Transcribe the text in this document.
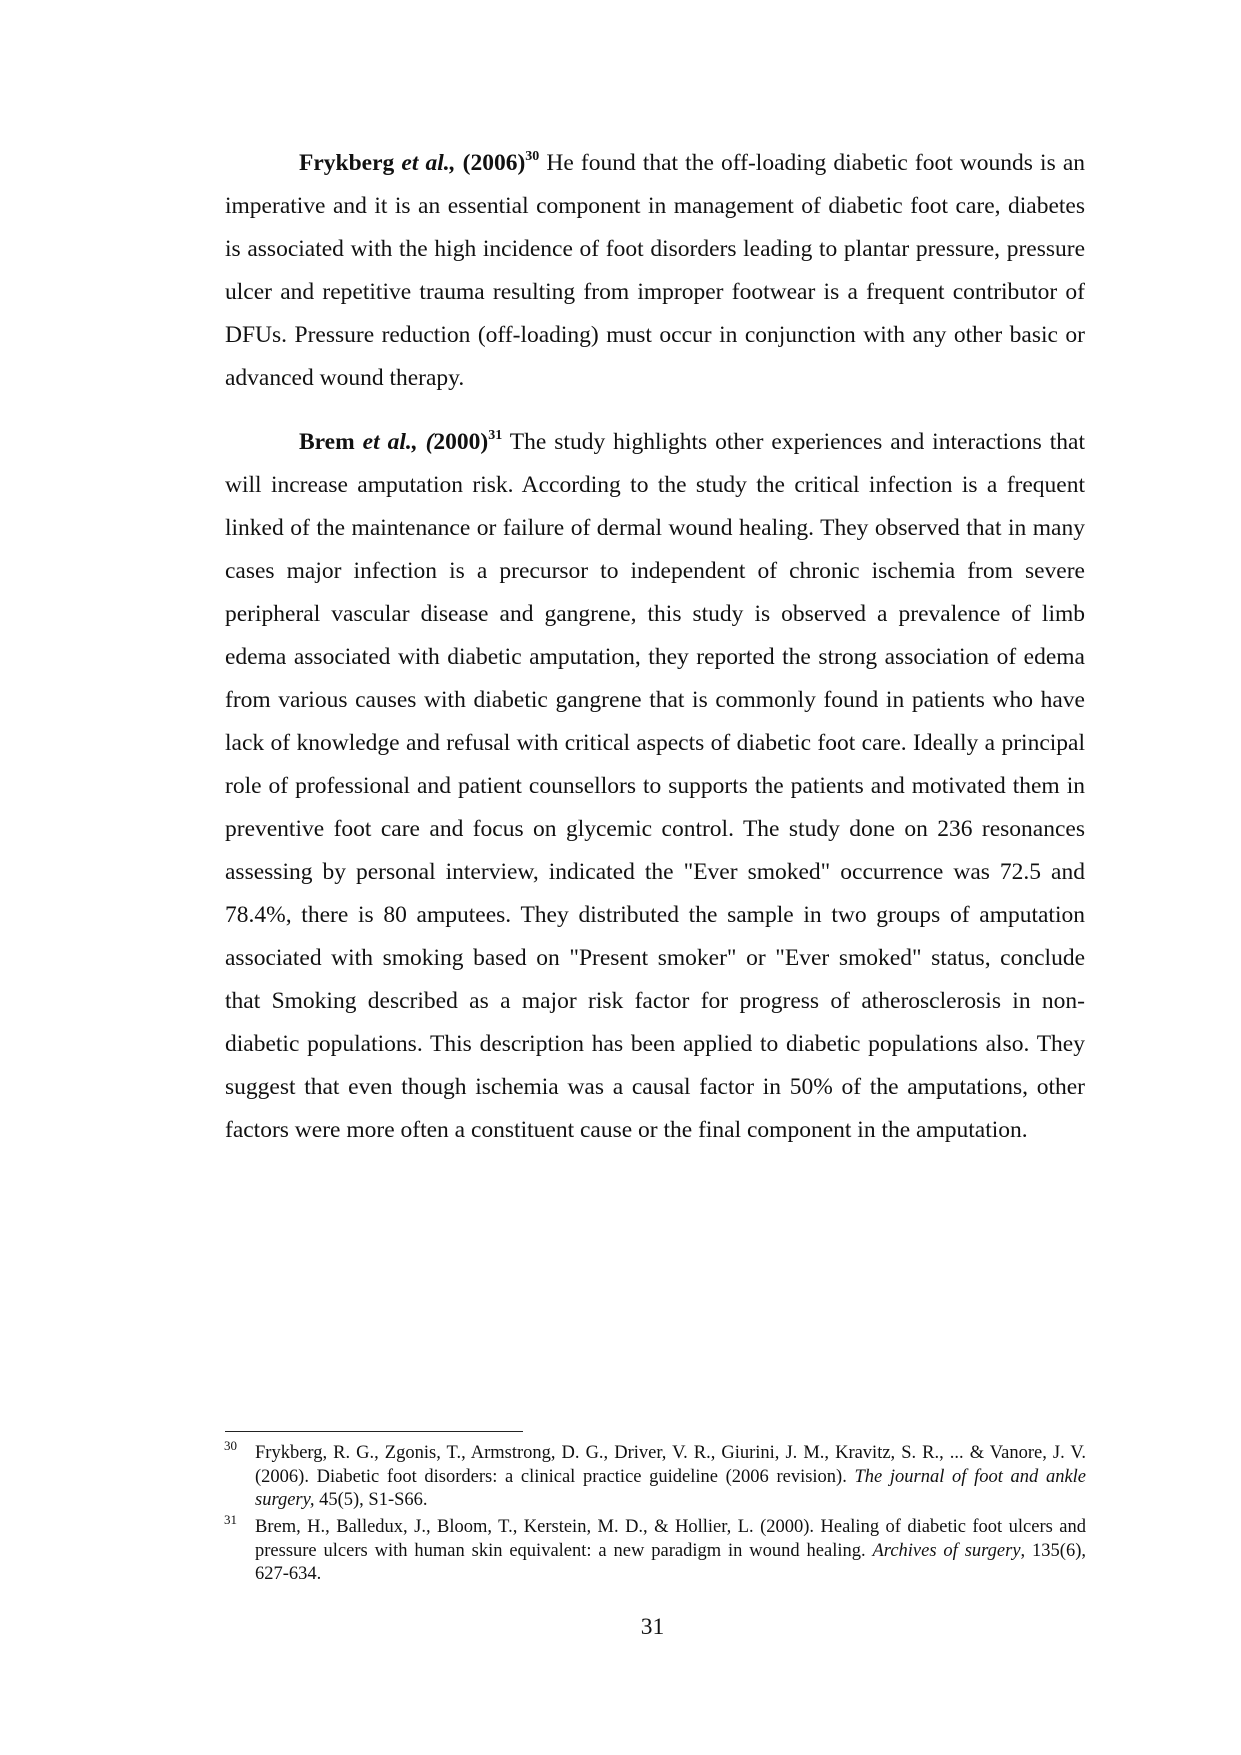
Frykberg et al., (2006)$^{30}$ He found that the off-loading diabetic foot wounds is an imperative and it is an essential component in management of diabetic foot care, diabetes is associated with the high incidence of foot disorders leading to plantar pressure, pressure ulcer and repetitive trauma resulting from improper footwear is a frequent contributor of DFUs. Pressure reduction (off-loading) must occur in conjunction with any other basic or advanced wound therapy.

Brem et al., (2000)$^{31}$ The study highlights other experiences and interactions that will increase amputation risk. According to the study the critical infection is a frequent linked of the maintenance or failure of dermal wound healing. They observed that in many cases major infection is a precursor to independent of chronic ischemia from severe peripheral vascular disease and gangrene, this study is observed a prevalence of limb edema associated with diabetic amputation, they reported the strong association of edema from various causes with diabetic gangrene that is commonly found in patients who have lack of knowledge and refusal with critical aspects of diabetic foot care. Ideally a principal role of professional and patient counsellors to supports the patients and motivated them in preventive foot care and focus on glycemic control. The study done on 236 resonances assessing by personal interview, indicated the "Ever smoked" occurrence was 72.5 and 78.4%, there is 80 amputees. They distributed the sample in two groups of amputation associated with smoking based on "Present smoker" or "Ever smoked" status, conclude that Smoking described as a major risk factor for progress of atherosclerosis in non-diabetic populations. This description has been applied to diabetic populations also. They suggest that even though ischemia was a causal factor in 50% of the amputations, other factors were more often a constituent cause or the final component in the amputation.

30 Frykberg, R. G., Zgonis, T., Armstrong, D. G., Driver, V. R., Giurini, J. M., Kravitz, S. R., ... & Vanore, J. V. (2006). Diabetic foot disorders: a clinical practice guideline (2006 revision). The journal of foot and ankle surgery, 45(5), S1-S66.
31 Brem, H., Balledux, J., Bloom, T., Kerstein, M. D., & Hollier, L. (2000). Healing of diabetic foot ulcers and pressure ulcers with human skin equivalent: a new paradigm in wound healing. Archives of surgery, 135(6), 627-634.
31
